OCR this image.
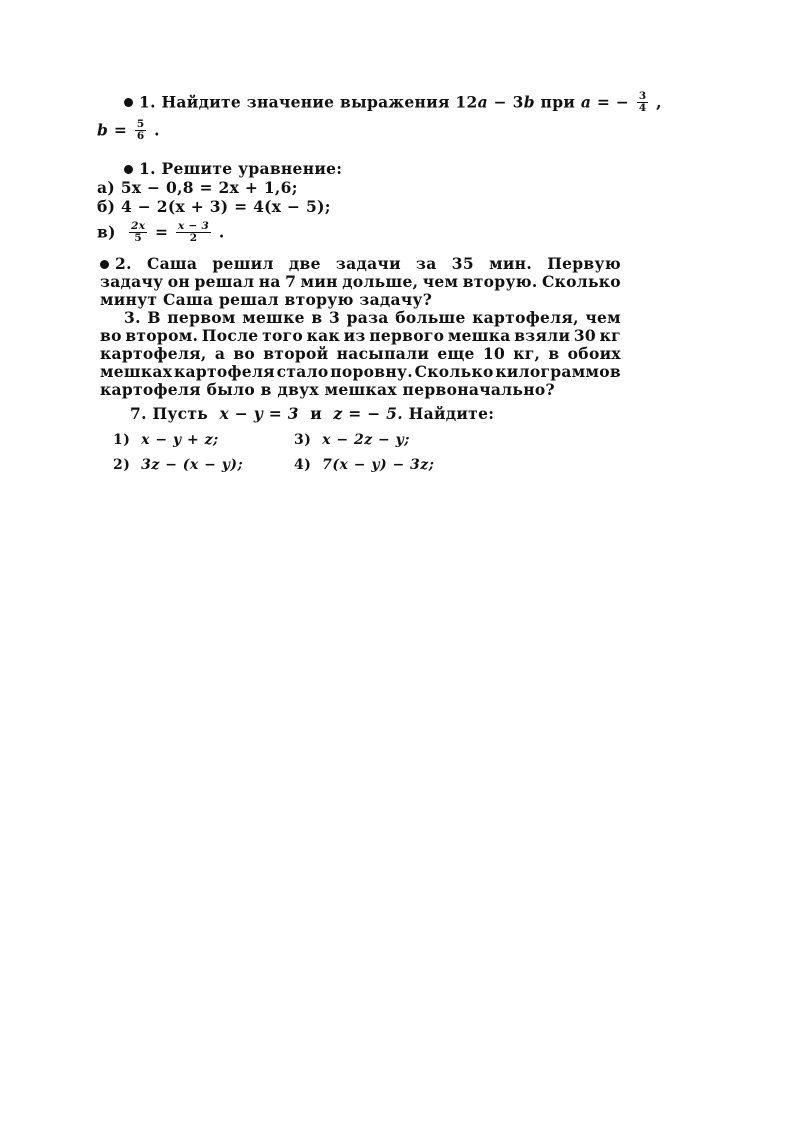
1. Найдите значение выражения 12a − 3b при a = − $\frac{3}{4}$ ,
$b = \frac{5}{6}$ .
1. Решите уравнение:
а) 5x − 0,8 = 2x + 1,6;
б) 4 − 2(x + 3) = 4(x − 5);
$в) \frac{2x}{5} = \frac{x - 3}{2}$ .
2. Саша решил две задачи за 35 мин. Первую
задачу он решал на 7 мин дольше, чем вторую. Сколько
минут Саша решал вторую задачу?
3. В первом мешке в 3 раза больше картофеля, чем
во втором. После того как из первого мешка взяли 30 кг
картофеля, а во второй насыпали еще 10 кг, в обоих
мешках картофеля стало поровну. Сколько килограммов
картофеля было в двух мешках первоначально?
7. Пусть x − y = 3 и z = − 5. Найдите:
1) x − y + z;	3) x − 2z − y;
2) 3z − (x − y);	4) 7(x − y) − 3z;
